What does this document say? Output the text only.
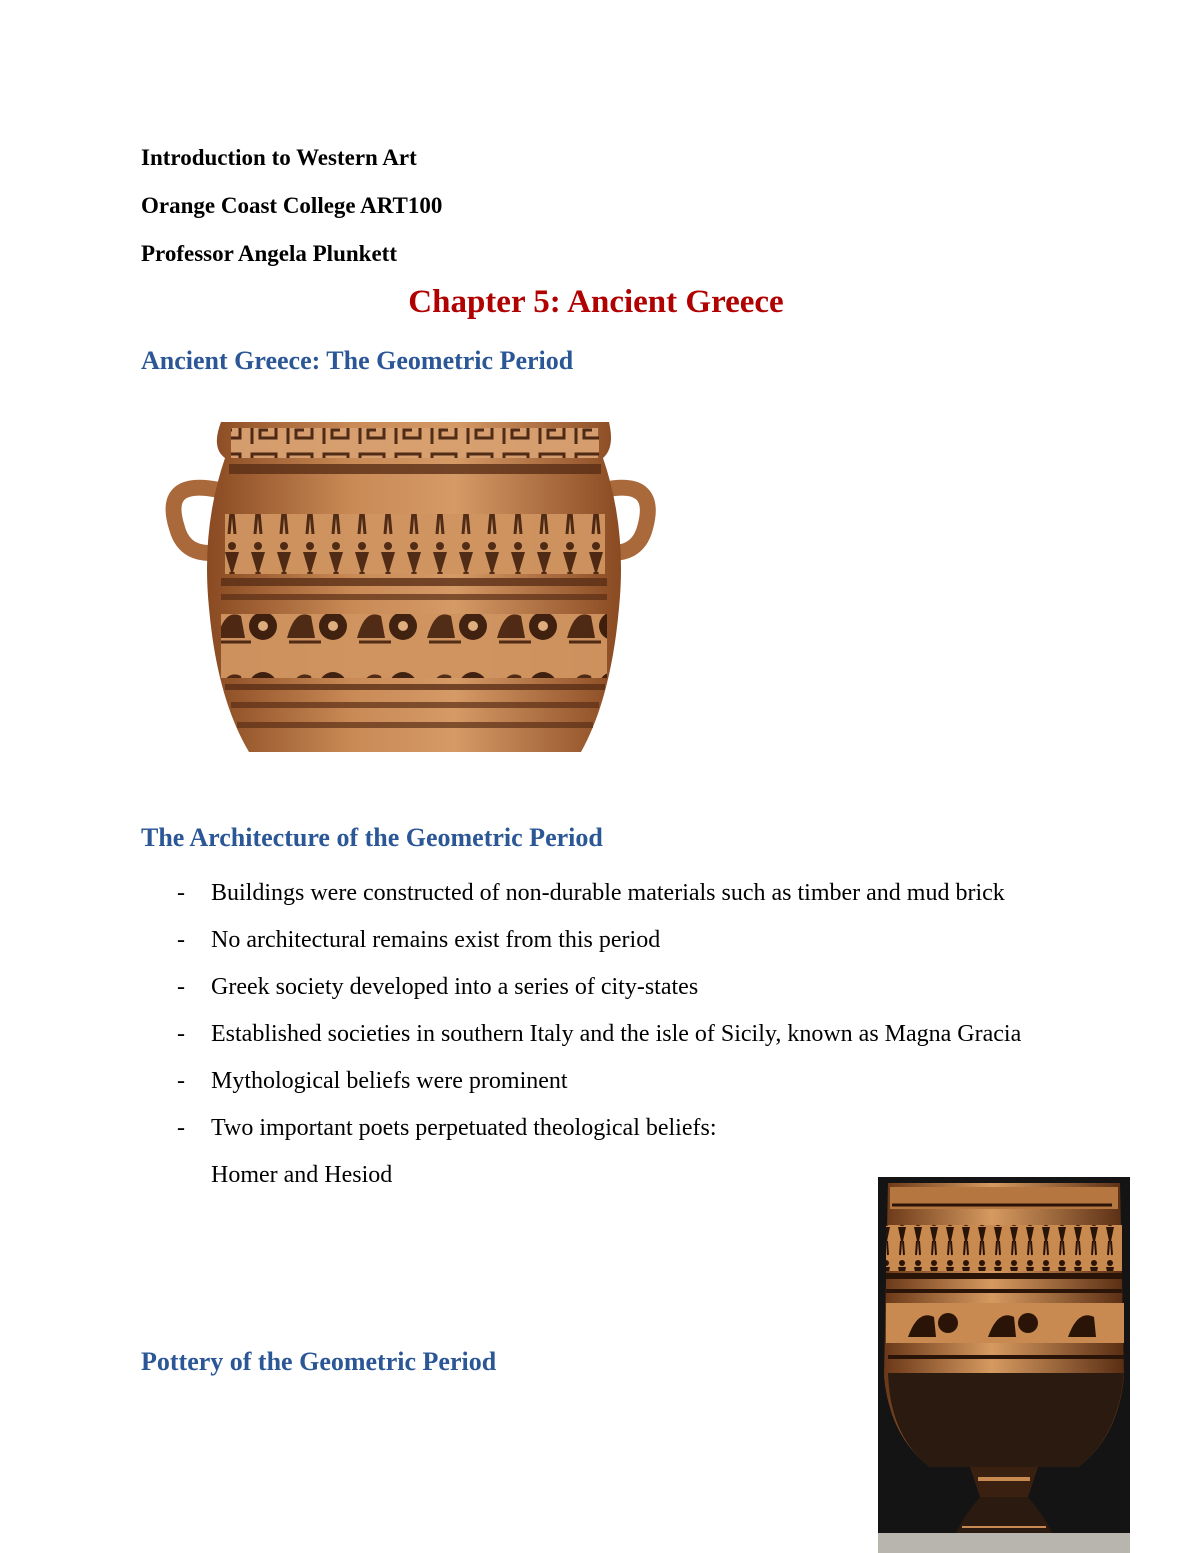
Introduction to Western Art
Orange Coast College ART100
Professor Angela Plunkett
Chapter 5: Ancient Greece
Ancient Greece: The Geometric Period
The Architecture of the Geometric Period
- Buildings were constructed of non-durable materials such as timber and mud brick
- No architectural remains exist from this period
- Greek society developed into a series of city-states
- Established societies in southern Italy and the isle of Sicily, known as Magna Gracia
- Mythological beliefs were prominent
- Two important poets perpetuated theological beliefs:
Homer and Hesiod
Pottery of the Geometric Period
